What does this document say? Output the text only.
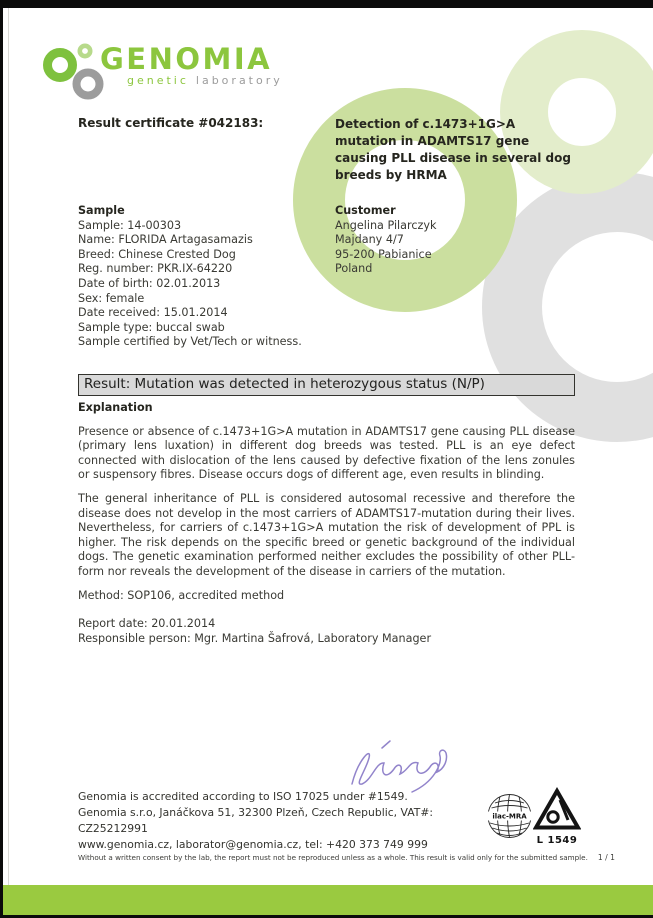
GENOMIA
genetic laboratory
Result certificate #042183:	Detection of c.1473+1G>A mutation in ADAMTS17 gene causing PLL disease in several dog breeds by HRMA
Sample
Sample: 14-00303
Name: FLORIDA Artagasamazis
Breed: Chinese Crested Dog
Reg. number: PKR.IX-64220
Date of birth: 02.01.2013
Sex: female
Date received: 15.01.2014
Sample type: buccal swab
Sample certified by Vet/Tech or witness.
Customer
Angelina Pilarczyk
Majdany 4/7
95-200 Pabianice
Poland
Result: Mutation was detected in heterozygous status (N/P)
Explanation

Presence or absence of c.1473+1G>A mutation in ADAMTS17 gene causing PLL disease (primary lens luxation) in different dog breeds was tested. PLL is an eye defect connected with dislocation of the lens caused by defective fixation of the lens zonules or suspensory fibres. Disease occurs dogs of different age, even results in blinding.

The general inheritance of PLL is considered autosomal recessive and therefore the disease does not develop in the most carriers of ADAMTS17-mutation during their lives. Nevertheless, for carriers of c.1473+1G>A mutation the risk of development of PPL is higher. The risk depends on the specific breed or genetic background of the individual dogs. The genetic examination performed neither excludes the possibility of other PLL-form nor reveals the development of the disease in carriers of the mutation.

Method: SOP106, accredited method
Report date: 20.01.2014
Responsible person: Mgr. Martina Šafrová, Laboratory Manager
Genomia is accredited according to ISO 17025 under #1549.
Genomia s.r.o, Janáčkova 51, 32300 Plzeň, Czech Republic, VAT#: CZ25212991
www.genomia.cz, laborator@genomia.cz, tel: +420 373 749 999
ilac-MRA
L 1549
Without a written consent by the lab, the report must not be reproduced unless as a whole. This result is valid only for the submitted sample. 1 / 1
